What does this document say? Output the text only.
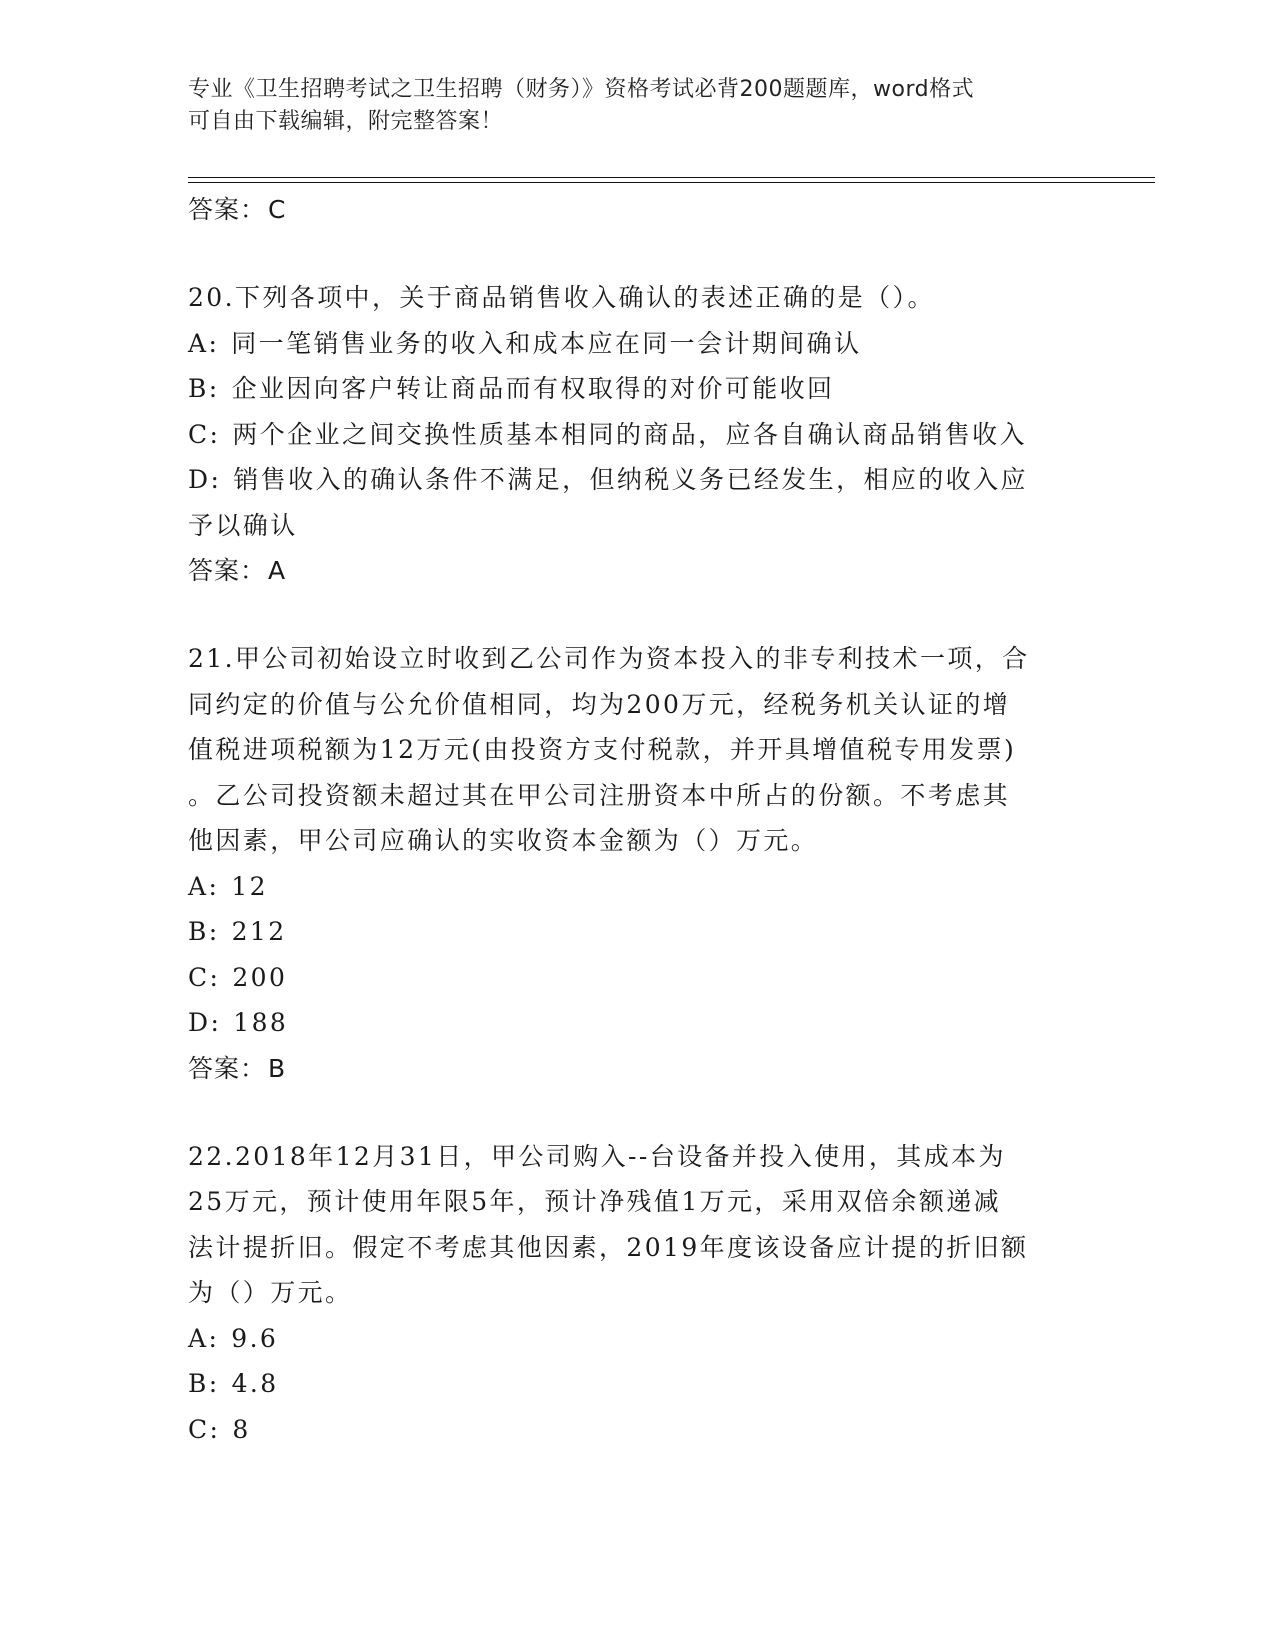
专业《卫生招聘考试之卫生招聘（财务）》资格考试必背200题题库，word格式
可自由下载编辑，附完整答案！
答案：C
20.下列各项中，关于商品销售收入确认的表述正确的是（）。
A: 同一笔销售业务的收入和成本应在同一会计期间确认
B: 企业因向客户转让商品而有权取得的对价可能收回
C: 两个企业之间交换性质基本相同的商品，应各自确认商品销售收入
D: 销售收入的确认条件不满足，但纳税义务已经发生，相应的收入应
予以确认
答案：A
21.甲公司初始设立时收到乙公司作为资本投入的非专利技术一项，合
同约定的价值与公允价值相同，均为200万元，经税务机关认证的增
值税进项税额为12万元(由投资方支付税款，并开具增值税专用发票)
。乙公司投资额未超过其在甲公司注册资本中所占的份额。不考虑其
他因素，甲公司应确认的实收资本金额为（）万元。
A: 12
B: 212
C: 200
D: 188
答案：B
22.2018年12月31日，甲公司购入--台设备并投入使用，其成本为
25万元，预计使用年限5年，预计净残值1万元，采用双倍余额递减
法计提折旧。假定不考虑其他因素，2019年度该设备应计提的折旧额
为（）万元。
A: 9.6
B: 4.8
C: 8
